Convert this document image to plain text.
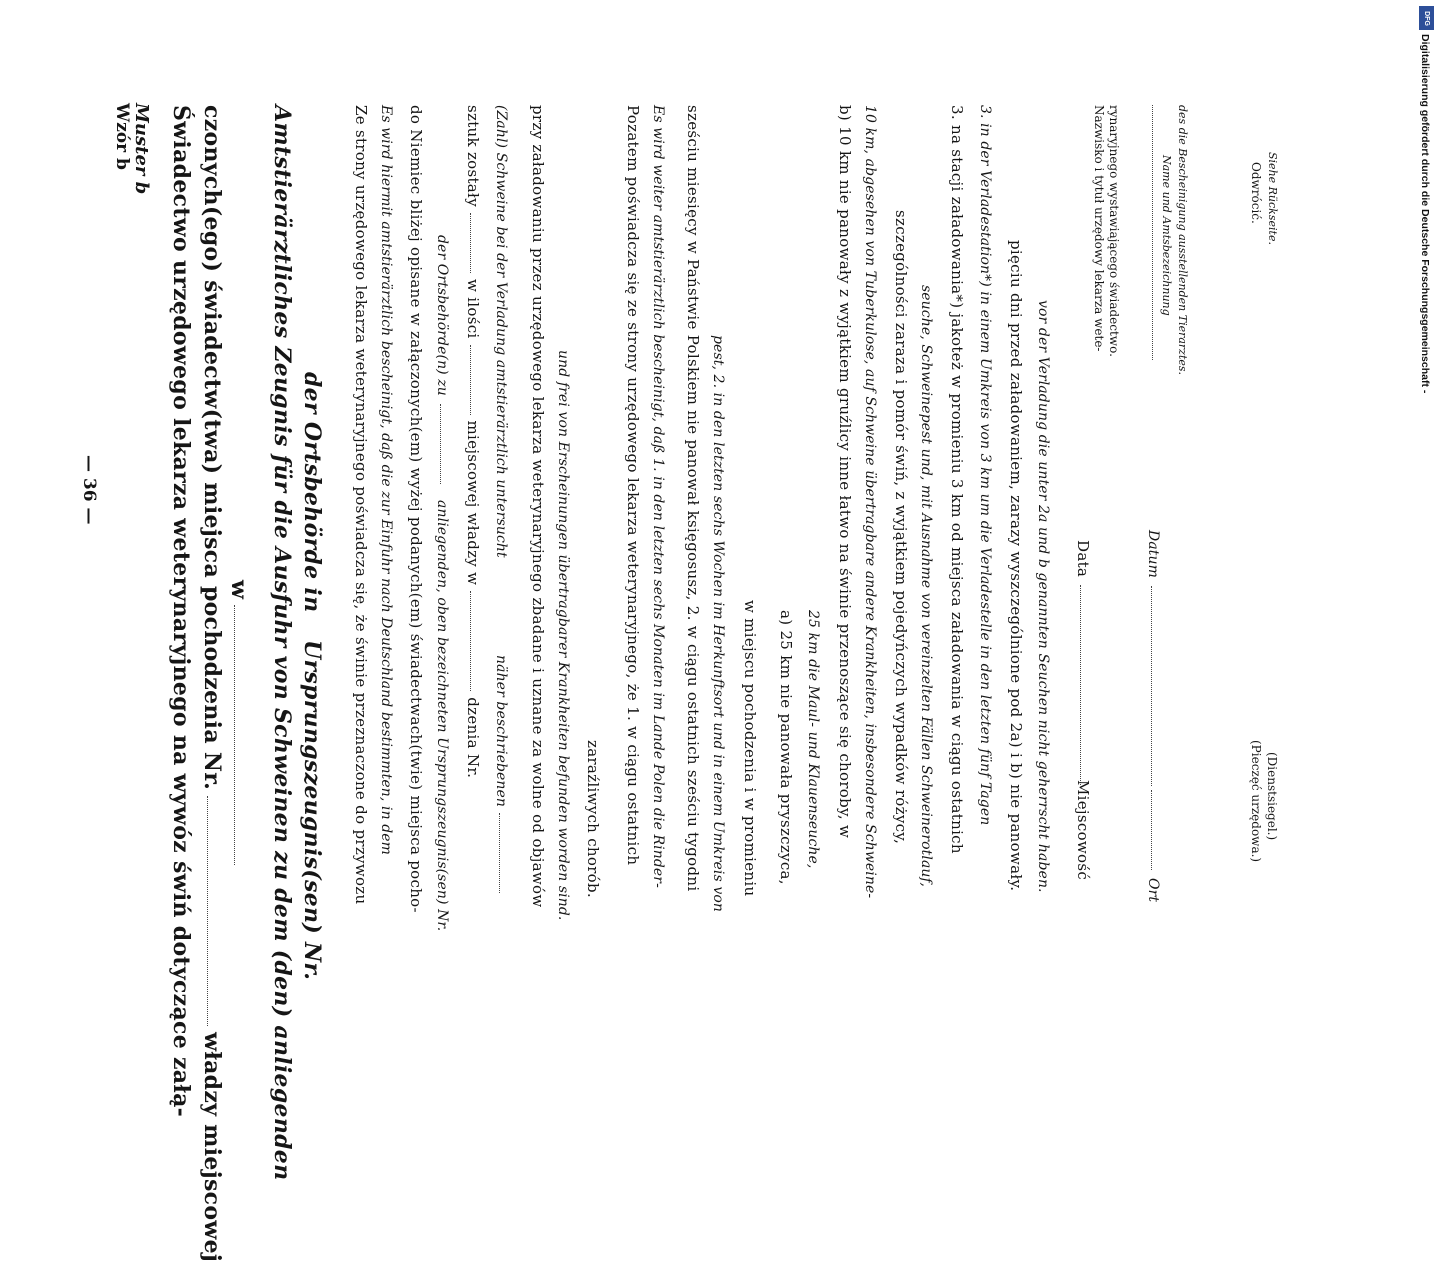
Wzór b Muster b
— 36 —	Świadectwo urzędowego lekarza weterynaryjnego na wywóz świń dotyczące załą- czonych(ego) świadectw(twa) miejsca pochodzenia Nr.władzy miejscowej
w Amtstierärztliches Zeugnis für die Ausfuhr von Schweinen zu dem (den) anliegenden der Ortsbehörde in
Ursprungszeugnis(sen) Nr. Ze strony urzędowego lekarza weterynaryjnego poświadcza się, że świnie przeznaczone do przywozu Es wird hiermit amtstierärztlich bescheinigt, daß die zur Einfuhr nach Deutschland bestimmten, in dem do Niemiec bliżej opisane w załączonych(em) wyżej podanych(em) świadectwach(twie) miejsca pocho- der Ortsbehörde(n) zu
anliegenden, oben bezeichneten Ursprungszeugnis(sen) Nr.
sztuk zostaływ ilościmiejscowej władzy wdzenia Nr.
(Zahl) Schweine bei der Verladung amtstierärztlich untersucht
näher beschriebenen przy załadowaniu przez urzędowego lekarza weterynaryjnego zbadane i uznane za wolne od objawów und frei von Erscheinungen übertragbarer Krankheiten befunden worden sind. zaraźliwych chorób. Pozatem poświadcza się ze strony urzędowego lekarza weterynaryjnego, że 1. w ciągu ostatnich Es wird weiter amtstierärztlich bescheinigt, daß 1. in den letzten sechs Monaten im Lande Polen die Rinder- sześciu miesięcy w Państwie Polskiem nie panował księgosusz, 2. w ciągu ostatnich sześciu tygodni pest, 2. in den letzten sechs Wochen im Herkunftsort und in einem Umkreis von w miejscu pochodzenia i w promieniu a) 25 km nie panowała pryszczyca, 25 km die Maul- und Klauenseuche, b) 10 km nie panowały z wyjątkiem gruźlicy inne łatwo na świnie przenoszące się choroby, w 10 km, abgesehen von Tuberkulose, auf Schweine übertragbare andere Krankheiten, insbesondere Schweine- szczególności zaraza i pomór świń, z wyjątkiem pojedyńczych wypadków różycy, seuche, Schweinepest und, mit Ausnahme von vereinzelten Fällen Schweinerotlauf, 3. na stacji załadowania*) jakoteż w promieniu 3 km od miejsca załadowania w ciągu ostatnich 3. in der Verladestation*) in einem Umkreis von 3 km um die Verladestelle in den letzten fünf Tagen pięciu dni przed załadowaniem, zarazy wyszczególnione pod 2a) i b) nie panowały. vor der Verladung die unter 2a und b genannten Seuchen nicht geherrscht haben. Data
Miejscowość
Datum
Ort
Nazwisko i tytuł urzędowy lekarza wete- rynaryjnego wystawiającego świadectwo.	Name und Amtsbezeichnung des die Bescheinigung ausstellenden Tierarztes.	Odwrócić. Siehe Rückseite.
(Pieczęć urzędowa.) (Dienstsiegel.)
DFG
Digitalisierung gefördert durch die Deutsche Forschungsgemeinschaft -
